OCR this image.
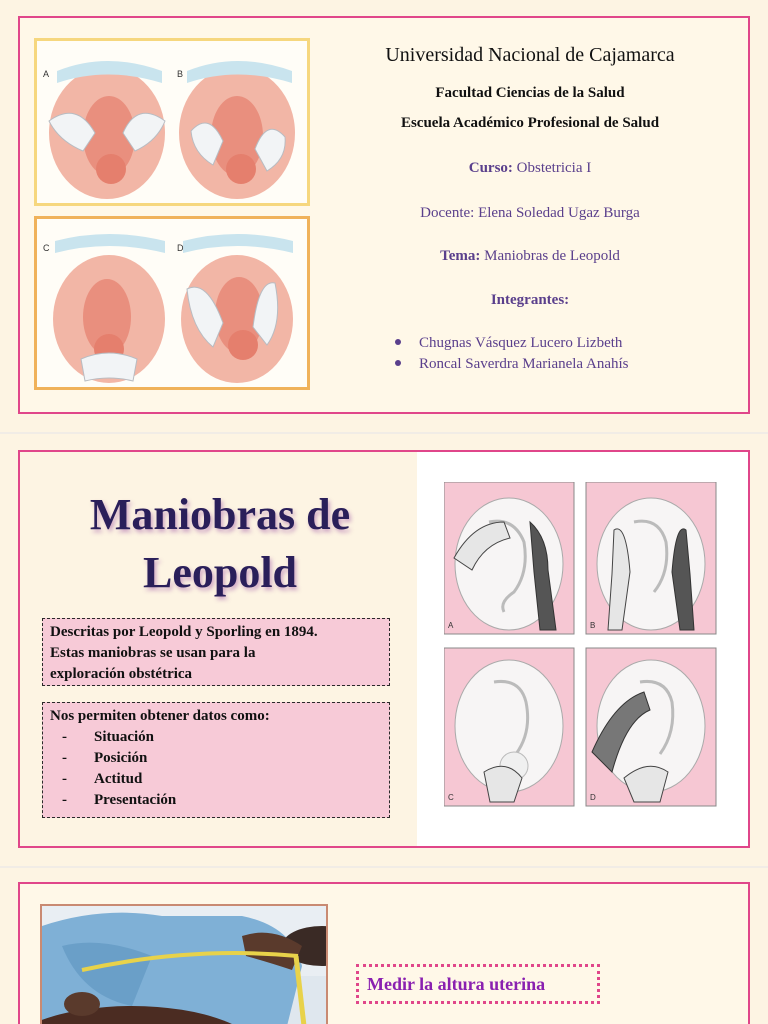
A	B
C	D
Universidad Nacional de Cajamarca
Facultad Ciencias de la Salud
Escuela Académico Profesional de Salud
Curso: Obstetricia I
Docente: Elena Soledad Ugaz Burga
Tema: Maniobras de Leopold
Integrantes:
Chugnas Vásquez Lucero Lizbeth
Roncal Saverdra Marianela Anahís
Maniobras de
Leopold
Descritas por Leopold y Sporling en 1894.
Estas maniobras se usan para la
exploración obstétrica
Nos permiten obtener datos como:
- Situación
- Posición
- Actitud
- Presentación
A	B
C	D
Medir la altura uterina
